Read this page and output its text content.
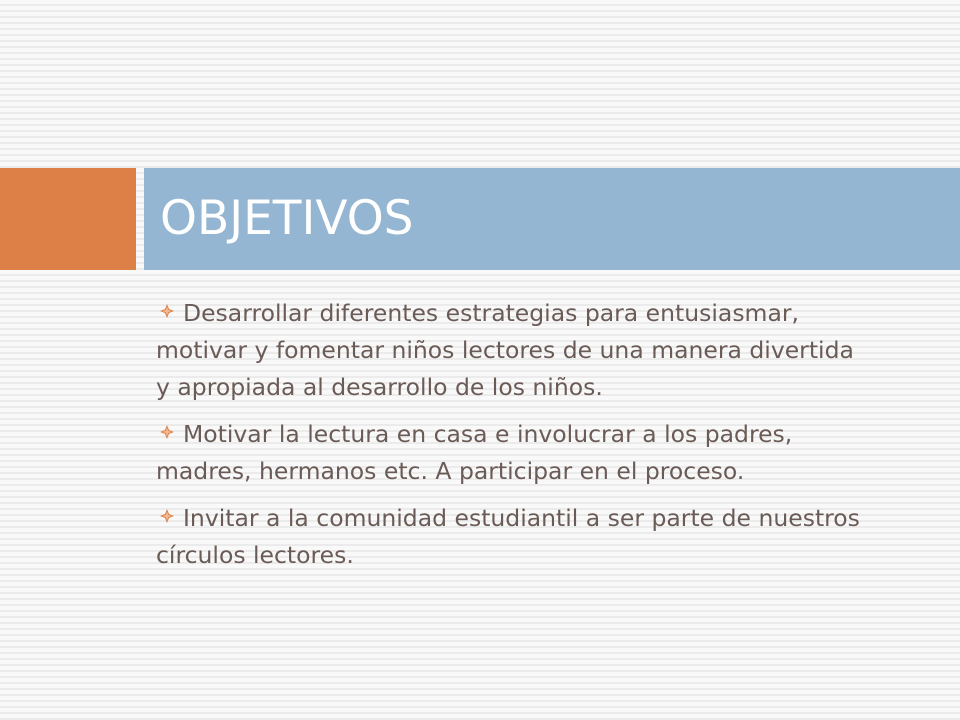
OBJETIVOS
Desarrollar diferentes estrategias para entusiasmar, motivar y fomentar niños lectores de una manera divertida y apropiada al desarrollo de los niños.
Motivar la lectura en casa e involucrar a los padres, madres, hermanos etc. A participar en el proceso.
Invitar a la comunidad estudiantil a ser parte de nuestros círculos lectores.
